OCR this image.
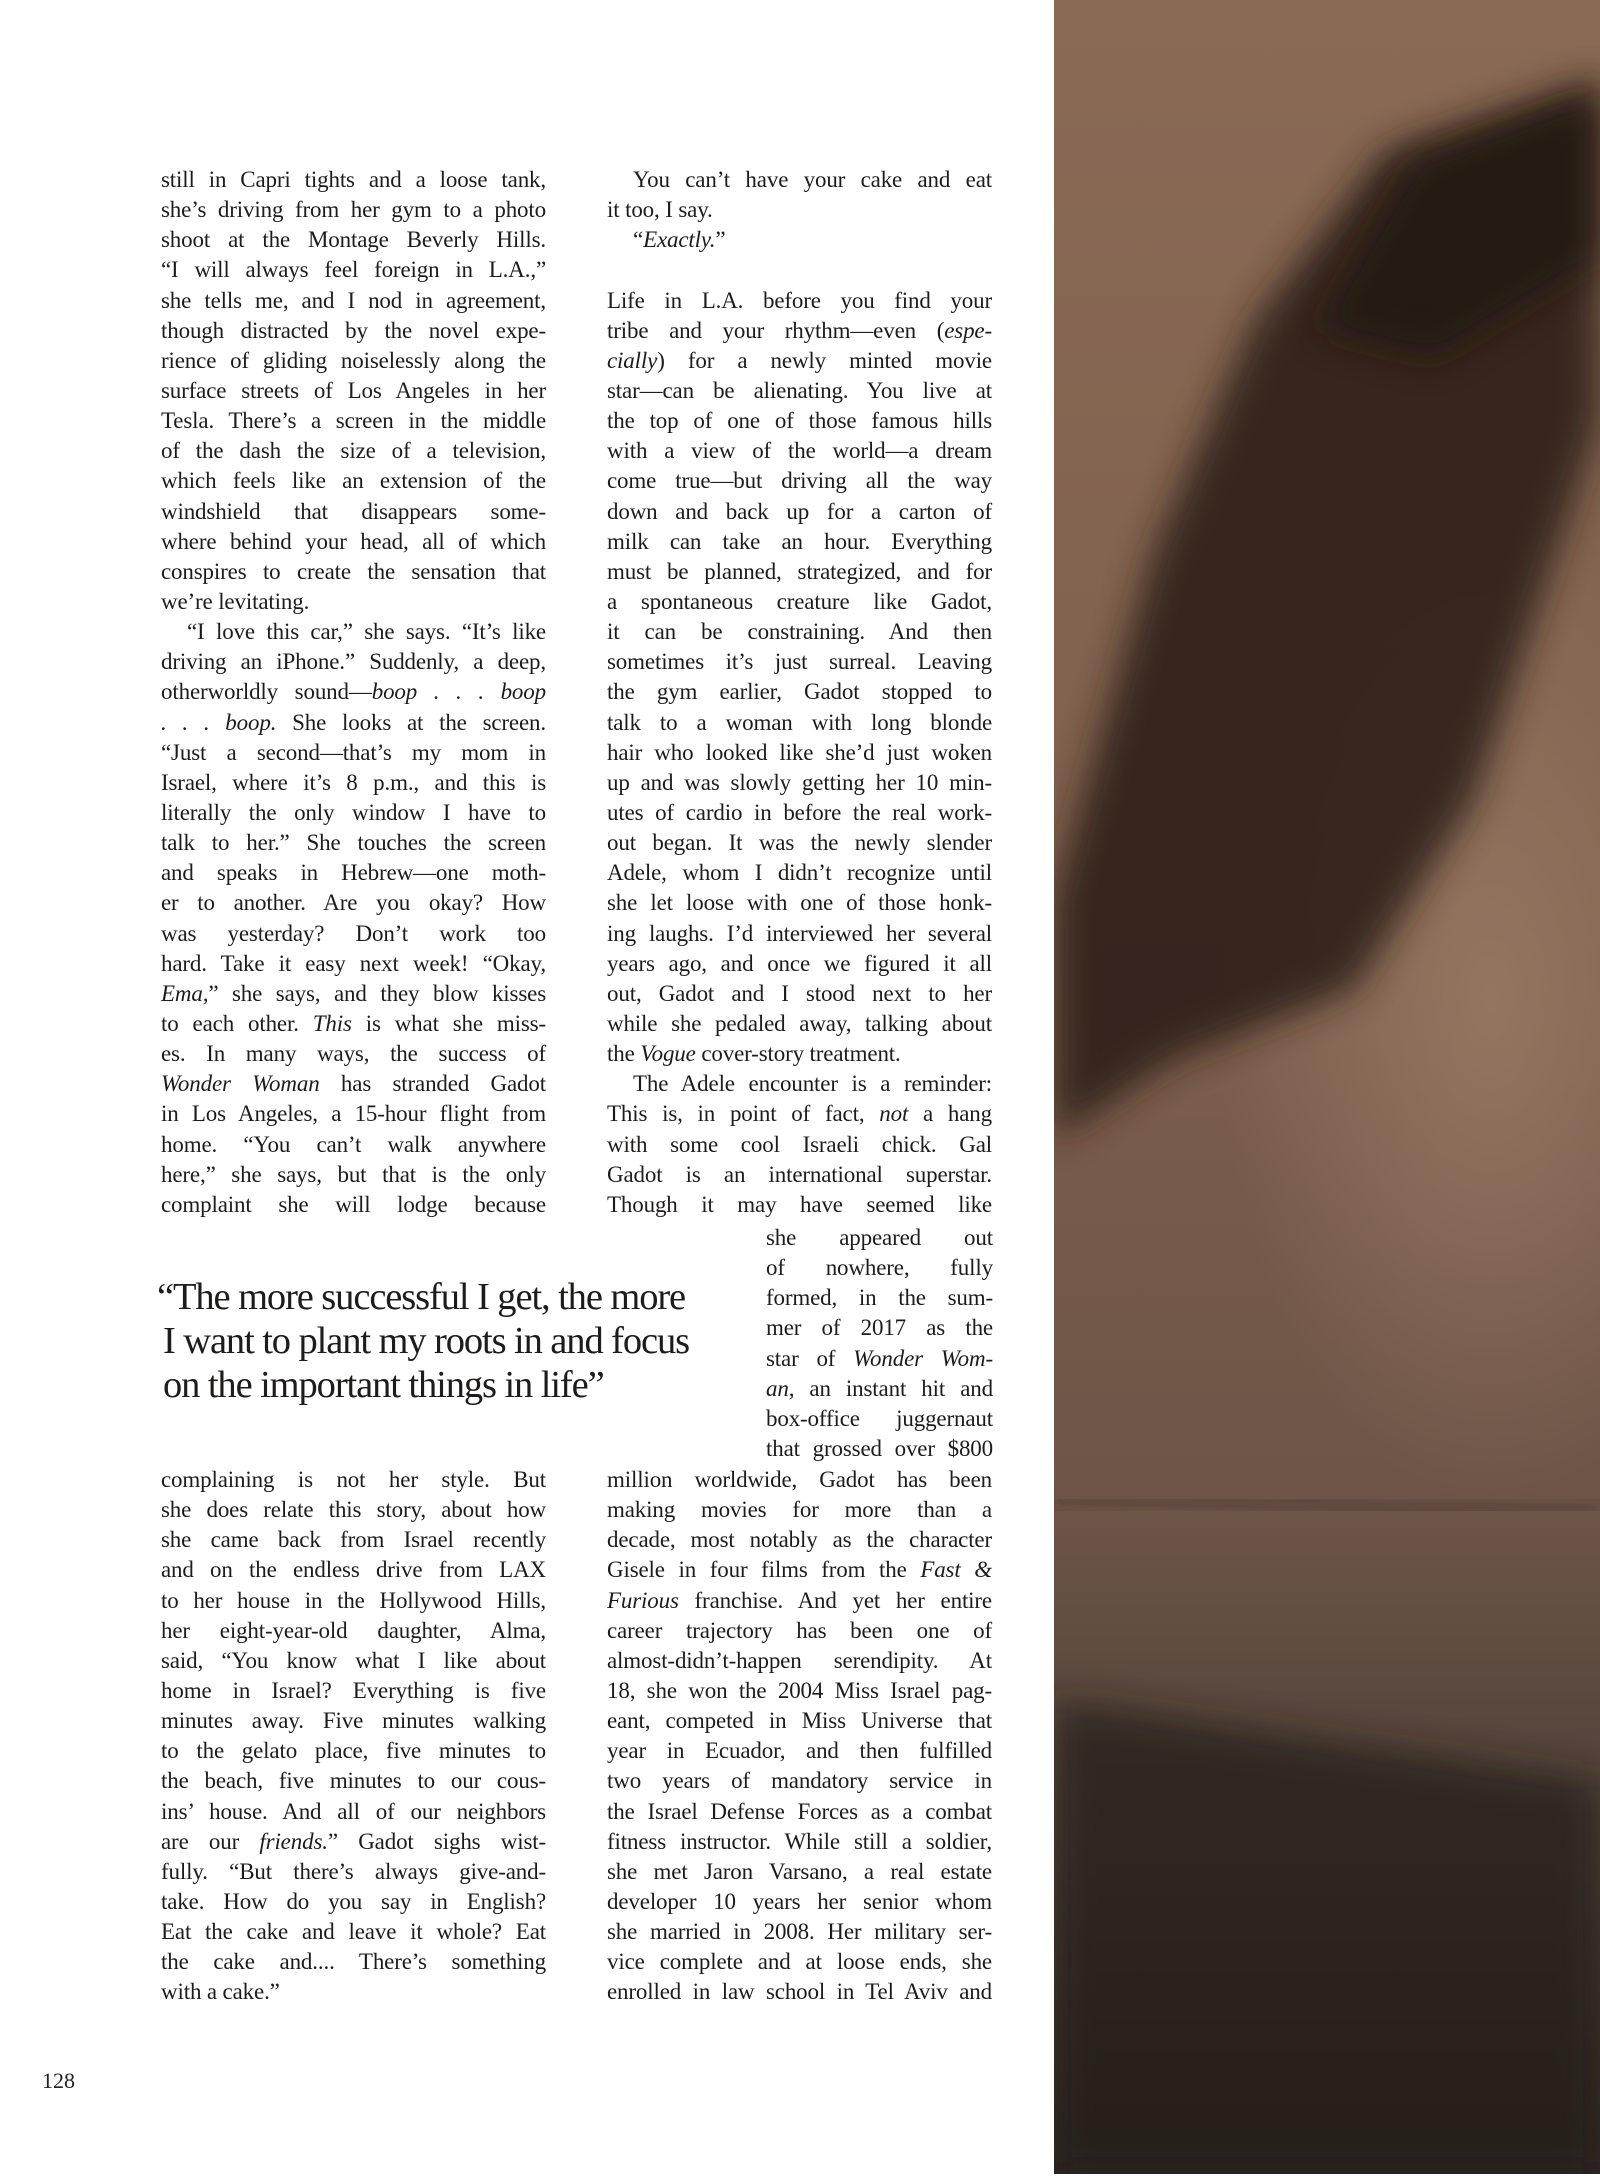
still in Capri tights and a loose tank,
she’s driving from her gym to a photo
shoot at the Montage Beverly Hills.
“I will always feel foreign in L.A.,”
she tells me, and I nod in agreement,
though distracted by the novel expe-
rience of gliding noiselessly along the
surface streets of Los Angeles in her
Tesla. There’s a screen in the middle
of the dash the size of a television,
which feels like an extension of the
windshield that disappears some-
where behind your head, all of which
conspires to create the sensation that
we’re levitating.
“I love this car,” she says. “It’s like
driving an iPhone.” Suddenly, a deep,
otherworldly sound—boop . . . boop
. . . boop. She looks at the screen.
“Just a second—that’s my mom in
Israel, where it’s 8 p.m., and this is
literally the only window I have to
talk to her.” She touches the screen
and speaks in Hebrew—one moth-
er to another. Are you okay? How
was yesterday? Don’t work too
hard. Take it easy next week! “Okay,
Ema,” she says, and they blow kisses
to each other. This is what she miss-
es. In many ways, the success of
Wonder Woman has stranded Gadot
in Los Angeles, a 15-hour flight from
home. “You can’t walk anywhere
here,” she says, but that is the only
complaint she will lodge because
complaining is not her style. But
she does relate this story, about how
she came back from Israel recently
and on the endless drive from LAX
to her house in the Hollywood Hills,
her eight-year-old daughter, Alma,
said, “You know what I like about
home in Israel? Everything is five
minutes away. Five minutes walking
to the gelato place, five minutes to
the beach, five minutes to our cous-
ins’ house. And all of our neighbors
are our friends.” Gadot sighs wist-
fully. “But there’s always give-and-
take. How do you say in English?
Eat the cake and leave it whole? Eat
the cake and.... There’s something
with a cake.”
You can’t have your cake and eat
it too, I say.
“Exactly.”
Life in L.A. before you find your
tribe and your rhythm—even (espe-
cially) for a newly minted movie
star—can be alienating. You live at
the top of one of those famous hills
with a view of the world—a dream
come true—but driving all the way
down and back up for a carton of
milk can take an hour. Everything
must be planned, strategized, and for
a spontaneous creature like Gadot,
it can be constraining. And then
sometimes it’s just surreal. Leaving
the gym earlier, Gadot stopped to
talk to a woman with long blonde
hair who looked like she’d just woken
up and was slowly getting her 10 min-
utes of cardio in before the real work-
out began. It was the newly slender
Adele, whom I didn’t recognize until
she let loose with one of those honk-
ing laughs. I’d interviewed her several
years ago, and once we figured it all
out, Gadot and I stood next to her
while she pedaled away, talking about
the Vogue cover-story treatment.
The Adele encounter is a reminder:
This is, in point of fact, not a hang
with some cool Israeli chick. Gal
Gadot is an international superstar.
Though it may have seemed like
she appeared out
of nowhere, fully
formed, in the sum-
mer of 2017 as the
star of Wonder Wom-
an, an instant hit and
box-office juggernaut
that grossed over $800
million worldwide, Gadot has been
making movies for more than a
decade, most notably as the character
Gisele in four films from the Fast &
Furious franchise. And yet her entire
career trajectory has been one of
almost-didn’t-happen serendipity. At
18, she won the 2004 Miss Israel pag-
eant, competed in Miss Universe that
year in Ecuador, and then fulfilled
two years of mandatory service in
the Israel Defense Forces as a combat
fitness instructor. While still a soldier,
she met Jaron Varsano, a real estate
developer 10 years her senior whom
she married in 2008. Her military ser-
vice complete and at loose ends, she
enrolled in law school in Tel Aviv and
“The more successful I get, the more
I want to plant my roots in and focus
on the important things in life”
128
